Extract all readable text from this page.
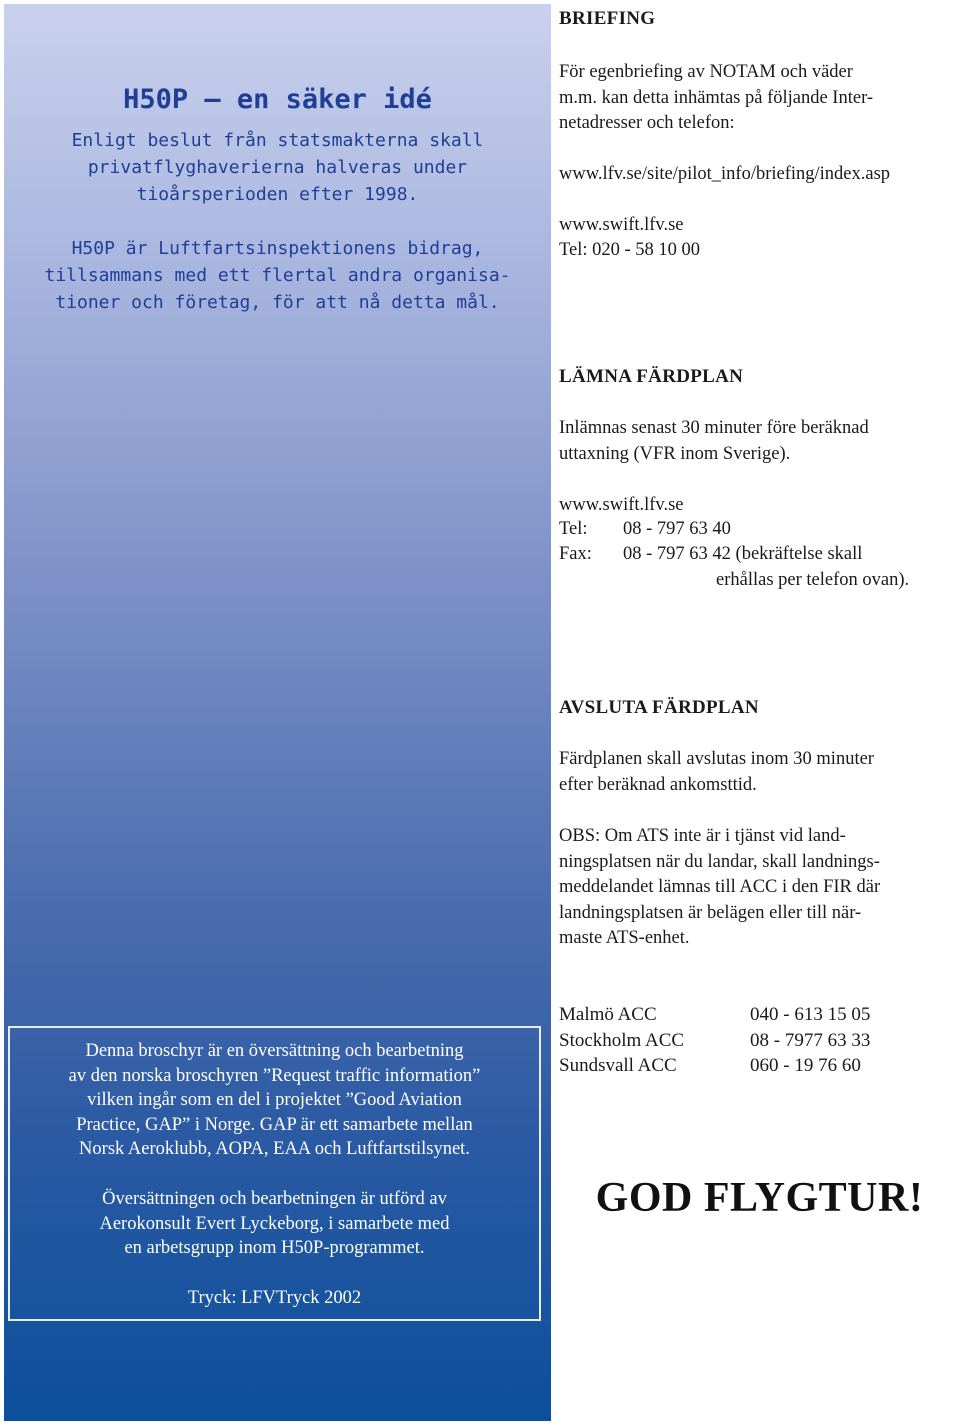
H50P – en säker idé

Enligt beslut från statsmakterna skall
privatflyghaverierna halveras under
tioårsperioden efter 1998.

H50P är Luftfartsinspektionens bidrag,
tillsammans med ett flertal andra organisa-
tioner och företag, för att nå detta mål.

BRIEFING

För egenbriefing av NOTAM och väder
m.m. kan detta inhämtas på följande Inter-
netadresser och telefon:

www.lfv.se/site/pilot_info/briefing/index.asp

www.swift.lfv.se

Tel: 020 - 58 10 00

LÄMNA FÄRDPLAN

Inlämnas senast 30 minuter före beräknad
uttaxning (VFR inom Sverige).

www.swift.lfv.se

Tel: 08 - 797 63 40
Fax: 08 - 797 63 42 (bekräftelse skall
erhållas per telefon ovan).
AVSLUTA FÄRDPLAN

Färdplanen skall avslutas inom 30 minuter
efter beräknad ankomsttid.

OBS: Om ATS inte är i tjänst vid land-
ningsplatsen när du landar, skall landnings-
meddelandet lämnas till ACC i den FIR där
landningsplatsen är belägen eller till när-
maste ATS-enhet.

Malmö ACC	040 - 613 15 05
Stockholm ACC	08 - 7977 63 33
Sundsvall ACC	060 - 19 76 60
GOD FLYGTUR!

Denna broschyr är en översättning och bearbetning
av den norska broschyren ”Request traffic information”
vilken ingår som en del i projektet ”Good Aviation
Practice, GAP” i Norge. GAP är ett samarbete mellan
Norsk Aeroklubb, AOPA, EAA och Luftfartstilsynet.

Översättningen och bearbetningen är utförd av
Aerokonsult Evert Lyckeborg, i samarbete med
en arbetsgrupp inom H50P-programmet.

Tryck: LFVTryck 2002
